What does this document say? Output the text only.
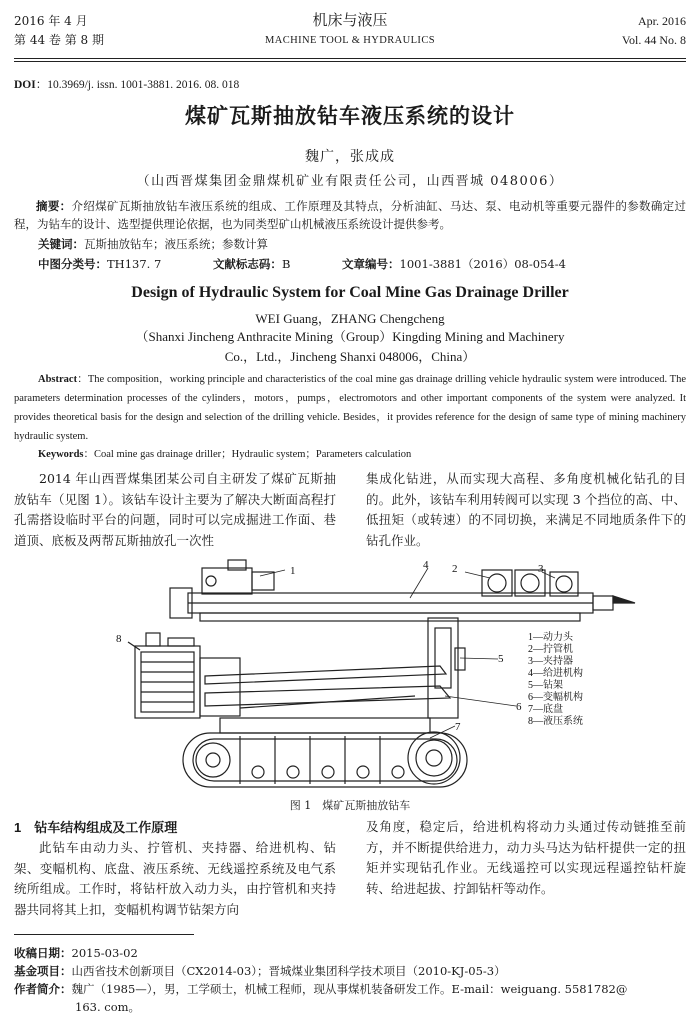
2016 年 4 月
第 44 卷 第 8 期
机床与液压
MACHINE TOOL & HYDRAULICS
Apr. 2016
Vol. 44 No. 8
DOI：10.3969/j. issn. 1001-3881. 2016. 08. 018
煤矿瓦斯抽放钻车液压系统的设计
魏广，张成成
（山西晋煤集团金鼎煤机矿业有限责任公司，山西晋城 048006）
摘要：介绍煤矿瓦斯抽放钻车液压系统的组成、工作原理及其特点，分析油缸、马达、泵、电动机等重要元器件的参数确定过程，为钻车的设计、选型提供理论依据，也为同类型矿山机械液压系统设计提供参考。
关键词：瓦斯抽放钻车；液压系统；参数计算
中图分类号：TH137. 7	文献标志码：B	文章编号：1001-3881（2016）08-054-4
Design of Hydraulic System for Coal Mine Gas Drainage Driller
WEI Guang，ZHANG Chengcheng
（Shanxi Jincheng Anthracite Mining（Group）Kingding Mining and Machinery
Co.，Ltd.，Jincheng Shanxi 048006，China）
Abstract：The composition，working principle and characteristics of the coal mine gas drainage drilling vehicle hydraulic system were introduced. The parameters determination processes of the cylinders，motors，pumps，electromotors and other important components of the system were analyzed. It provides theoretical basis for the design and selection of the drilling vehicle. Besides，it provides reference for the design of same type of mining machinery hydraulic system.
Keywords：Coal mine gas drainage driller；Hydraulic system；Parameters calculation
2014 年山西晋煤集团某公司自主研发了煤矿瓦斯抽放钻车（见图 1）。该钻车设计主要为了解决大断面高程打孔需搭设临时平台的问题，同时可以完成掘进工作面、巷道顶、底板及两帮瓦斯抽放孔一次性
集成化钻进，从而实现大高程、多角度机械化钻孔的目的。此外，该钻车利用转阀可以实现 3 个挡位的高、中、低扭矩（或转速）的不同切换，来满足不同地质条件下的钻孔作业。
1	2	3
4
5
6
7
8	1—动力头
2—拧管机
3—夹持器
4—给进机构
5—钻架
6—变幅机构
7—底盘
8—液压系统
图 1　煤矿瓦斯抽放钻车
1　钻车结构组成及工作原理
此钻车由动力头、拧管机、夹持器、给进机构、钻架、变幅机构、底盘、液压系统、无线遥控系统及电气系统所组成。工作时，将钻杆放入动力头，由拧管机和夹持器共同将其上扣，变幅机构调节钻架方向
及角度，稳定后，给进机构将动力头通过传动链推至前方，并不断提供给进力，动力头马达为钻杆提供一定的扭矩并实现钻孔作业。无线遥控可以实现远程遥控钻杆旋转、给进起拔、拧卸钻杆等动作。
收稿日期：2015-03-02
基金项目：山西省技术创新项目（CX2014-03）；晋城煤业集团科学技术项目（2010-KJ-05-3）
作者简介：魏广（1985—），男，工学硕士，机械工程师，现从事煤机装备研发工作。E-mail：weiguang. 5581782@
163. com。
